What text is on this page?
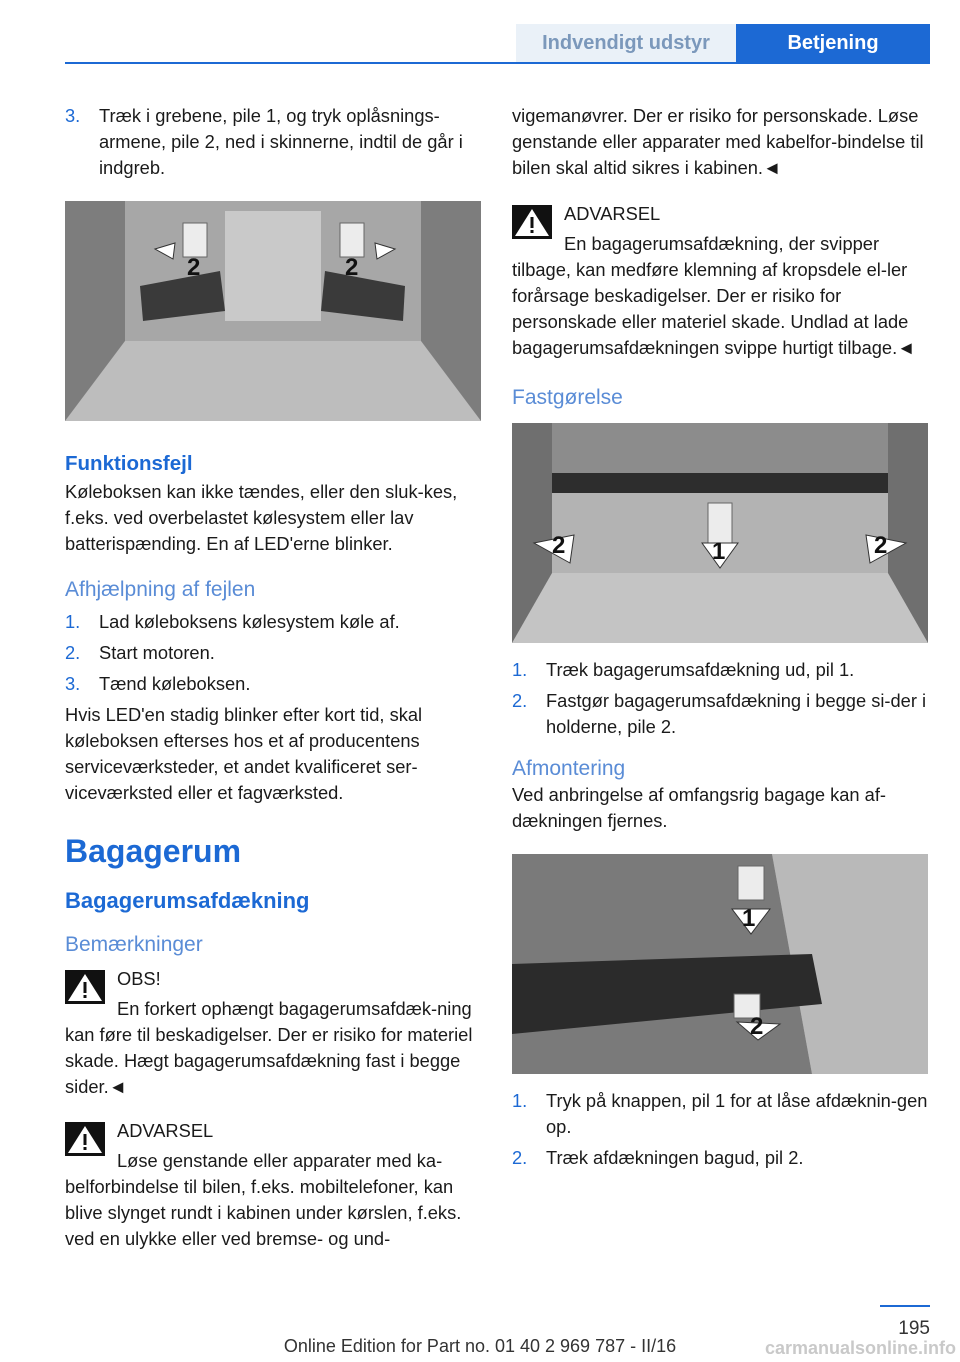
Indvendigt udstyr	Betjening
3. Træk i grebene, pile 1, og tryk oplåsnings-armene, pile 2, ned i skinnerne, indtil de går i indgreb.
2	2
Funktionsfejl

Køleboksen kan ikke tændes, eller den sluk-kes, f.eks. ved overbelastet kølesystem eller lav batterispænding. En af LED'erne blinker.

Afhjælpning af fejlen
1. Lad køleboksens kølesystem køle af.
2. Start motoren.
3. Tænd køleboksen.

Hvis LED'en stadig blinker efter kort tid, skal køleboksen efterses hos et af producentens serviceværksteder, et andet kvalificeret ser-viceværksted eller et fagværksted.

Bagagerum
Bagagerumsafdækning
Bemærkninger
OBS!

En forkert ophængt bagagerumsafdæk-ning kan føre til beskadigelser. Der er risiko for materiel skade. Hægt bagagerumsafdækning fast i begge sider.◄

ADVARSEL

Løse genstande eller apparater med ka-belforbindelse til bilen, f.eks. mobiltelefoner, kan blive slynget rundt i kabinen under kørslen, f.eks. ved en ulykke eller ved bremse- og und-

vigemanøvrer. Der er risiko for personskade. Løse genstande eller apparater med kabelfor-bindelse til bilen skal altid sikres i kabinen.◄

ADVARSEL

En bagagerumsafdækning, der svipper tilbage, kan medføre klemning af kropsdele el-ler forårsage beskadigelser. Der er risiko for personskade eller materiel skade. Undlad at lade bagagerumsafdækningen svippe hurtigt tilbage.◄

Fastgørelse
2	1	2
1. Træk bagagerumsafdækning ud, pil 1.
2. Fastgør bagagerumsafdækning i begge si-der i holderne, pile 2.
Afmontering

Ved anbringelse af omfangsrig bagage kan af-dækningen fjernes.

1
2
1. Tryk på knappen, pil 1 for at låse afdæknin-gen op.
2. Træk afdækningen bagud, pil 2.
195
Online Edition for Part no. 01 40 2 969 787 - II/16	carmanualsonline.info
